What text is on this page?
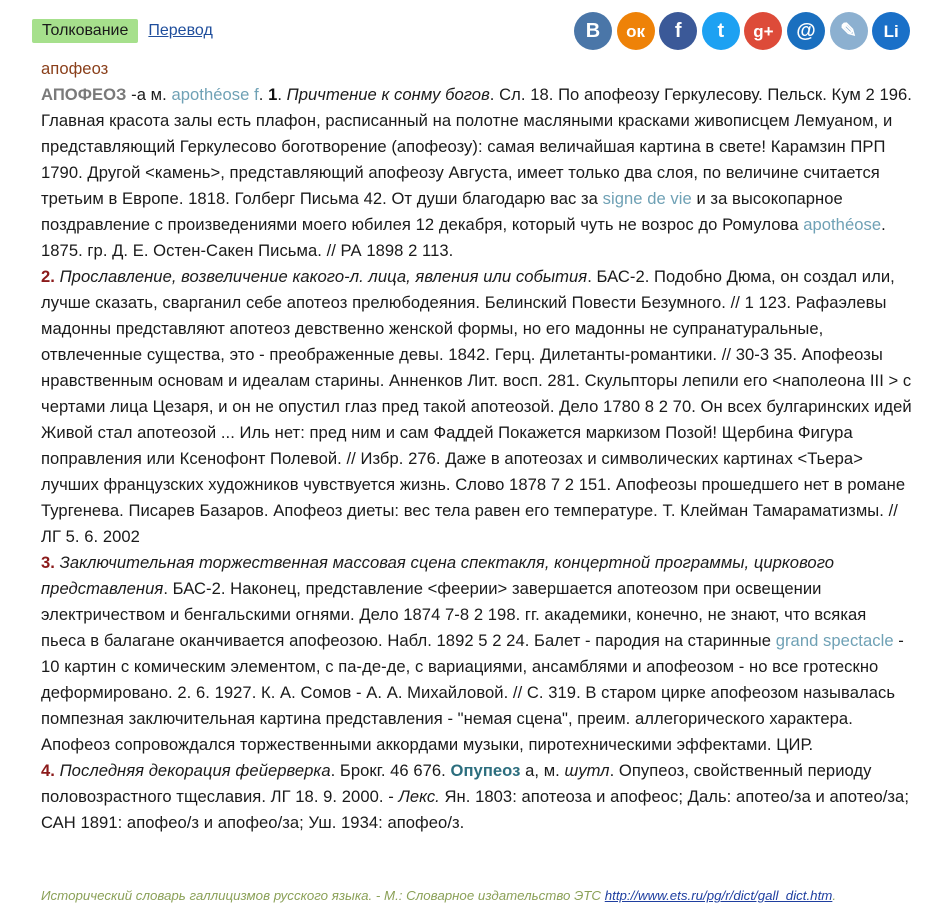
Толкование	Перевод	B ок f t g+ @ ✎ Li

апофеоз

АПОФЕОЗ -а м. apothéose f. 1. Причтение к сонму богов. Сл. 18. По апофеозу Геркулесову. Пельск. Кум 2 196. Главная красота залы есть плафон, расписанный на полотне масляными красками живописцем Лемуаном, и представляющий Геркулесово боготворение (апофеозу): самая величайшая картина в свете! Карамзин ПРП 1790. Другой <камень>, представляющий апофеозу Августа, имеет только два слоя, по величине считается третьим в Европе. 1818. Голберг Письма 42. От души благодарю вас за signe de vie и за высокопарное поздравление с произведениями моего юбилея 12 декабря, который чуть не возрос до Ромулова apothéose. 1875. гр. Д. Е. Остен-Сакен Письма. // РА 1898 2 113.

2. Прославление, возвеличение какого-л. лица, явления или события. БАС-2. Подобно Дюма, он создал или, лучше сказать, сварганил себе апотеоз прелюбодеяния. Белинский Повести Безумного. // 1 123. Рафаэлевы мадонны представляют апотеоз девственно женской формы, но его мадонны не супранатуральные, отвлеченные существа, это - преображенные девы. 1842. Герц. Дилетанты-романтики. // 30-3 35. Апофеозы нравственным основам и идеалам старины. Анненков Лит. восп. 281. Скульпторы лепили его <наполеона III > с чертами лица Цезаря, и он не опустил глаз пред такой апотеозой. Дело 1780 8 2 70. Он всех булгаринских идей Живой стал апотеозой ... Иль нет: пред ним и сам Фаддей Покажется маркизом Позой! Щербина Фигура поправления или Ксенофонт Полевой. // Избр. 276. Даже в апотеозах и символических картинах <Тьера> лучших французских художников чувствуется жизнь. Слово 1878 7 2 151. Апофеозы прошедшего нет в романе Тургенева. Писарев Базаров. Апофеоз диеты: вес тела равен его температуре. Т. Клейман Тамараматизмы. // ЛГ 5. 6. 2002

3. Заключительная торжественная массовая сцена спектакля, концертной программы, циркового представления. БАС-2. Наконец, представление <феерии> завершается апотеозом при освещении электричеством и бенгальскими огнями. Дело 1874 7-8 2 198. гг. академики, конечно, не знают, что всякая пьеса в балагане оканчивается апофеозою. Набл. 1892 5 2 24. Балет - пародия на старинные grand spectacle - 10 картин с комическим элементом, с па-де-де, с вариациями, ансамблями и апофеозом - но все гротескно деформировано. 2. 6. 1927. К. А. Сомов - А. А. Михайловой. // С. 319. В старом цирке апофеозом называлась помпезная заключительная картина представления - "немая сцена", преим. аллегорического характера. Апофеоз сопровождался торжественными аккордами музыки, пиротехническими эффектами. ЦИР.

4. Последняя декорация фейерверка. Брокг. 46 676. Опупеоз а, м. шутл. Опупеоз, свойственный периоду половозрастного тщеславия. ЛГ 18. 9. 2000. - Лекс. Ян. 1803: апотеоза и апофеос; Даль: апотео/за и апотео/за; САН 1891: апофео/з и апофео/за; Уш. 1934: апофео/з.

Исторический словарь галлицизмов русского языка. - М.: Словарное издательство ЭТС http://www.ets.ru/pg/r/dict/gall_dict.htm.
